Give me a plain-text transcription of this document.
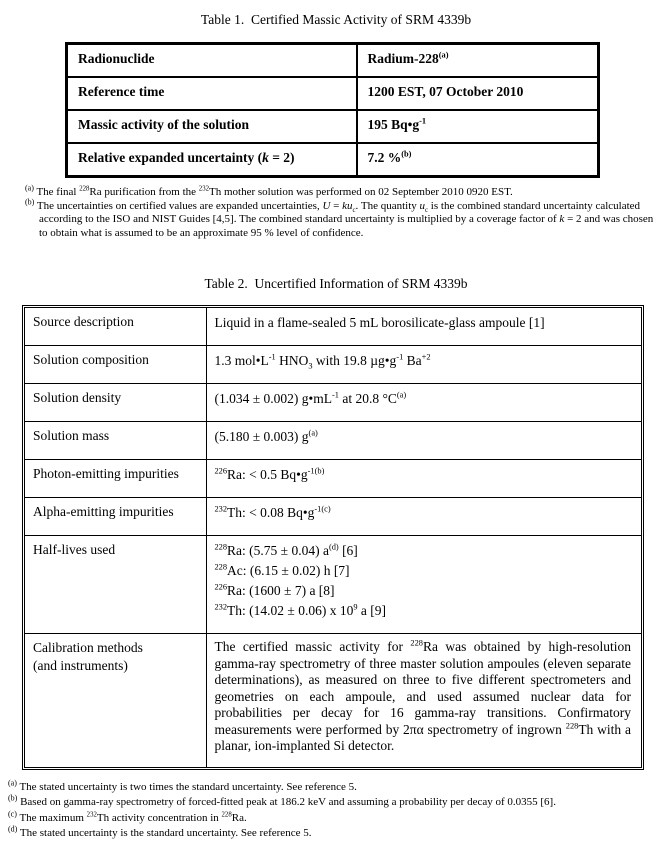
Table 1.  Certified Massic Activity of SRM 4339b
Radionuclide	Radium-228$^{(a)}$
Reference time	1200 EST, 07 October 2010
Massic activity of the solution	195 $Bq•g^{-1}$
Relative expanded uncertainty (k = 2)	7.2 %$^{(b)}$
$^{(a)}$ The final $^{228}$Ra purification from the $^{232}$Th mother solution was performed on 02 September 2010 0920 EST.
$^{(b)}$ The uncertainties on certified values are expanded uncertainties, $U = ku_c$. The quantity $u_c$ is the combined standard uncertainty calculated according to the ISO and NIST Guides [4,5]. The combined standard uncertainty is multiplied by a coverage factor of k = 2 and was chosen to obtain what is assumed to be an approximate 95 % level of confidence.
Table 2.  Uncertified Information of SRM 4339b
Source description	Liquid in a flame-sealed 5 mL borosilicate-glass ampoule [1]

Solution composition	1.3 $mol•L^{-1}$ $HNO_3$ with 19.8 $\mu g•g^{-1}$ $Ba^{+2}$

Solution density	(1.034 ± 0.002) $g•mL^{-1}$ at 20.8 $^\circ C^{(a)}$

Solution mass	(5.180 ± 0.003) $g^{(a)}$

Photon-emitting impurities	$^{226}$Ra: < 0.5 $Bq•g^{-1(b)}$

Alpha-emitting impurities	$^{232}$Th: < 0.08 $Bq•g^{-1(c)}$

Half-lives used	$^{228}$Ra: (5.75 ± 0.04) $a^{(d)}$ [6]
$^{228}$Ac: (6.15 ± 0.02) h [7]
$^{226}$Ra: (1600 ± 7) a [8]
$^{232}$Th: (14.02 ± 0.06) x $10^9$ a [9]

Calibration methods
(and instruments)	The certified massic activity for $^{228}$Ra was obtained by high-resolution gamma-ray spectrometry of three master solution ampoules (eleven separate determinations), as measured on three to five different spectrometers and geometries on each ampoule, and used assumed nuclear data for probabilities per decay for 16 gamma-ray transitions. Confirmatory measurements were performed by 2πα spectrometry of ingrown $^{228}$Th with a planar, ion-implanted Si detector.
$^{(a)}$ The stated uncertainty is two times the standard uncertainty. See reference 5.
$^{(b)}$ Based on gamma-ray spectrometry of forced-fitted peak at 186.2 keV and assuming a probability per decay of 0.0355 [6].
$^{(c)}$ The maximum $^{232}$Th activity concentration in $^{228}$Ra.
$^{(d)}$ The stated uncertainty is the standard uncertainty. See reference 5.
